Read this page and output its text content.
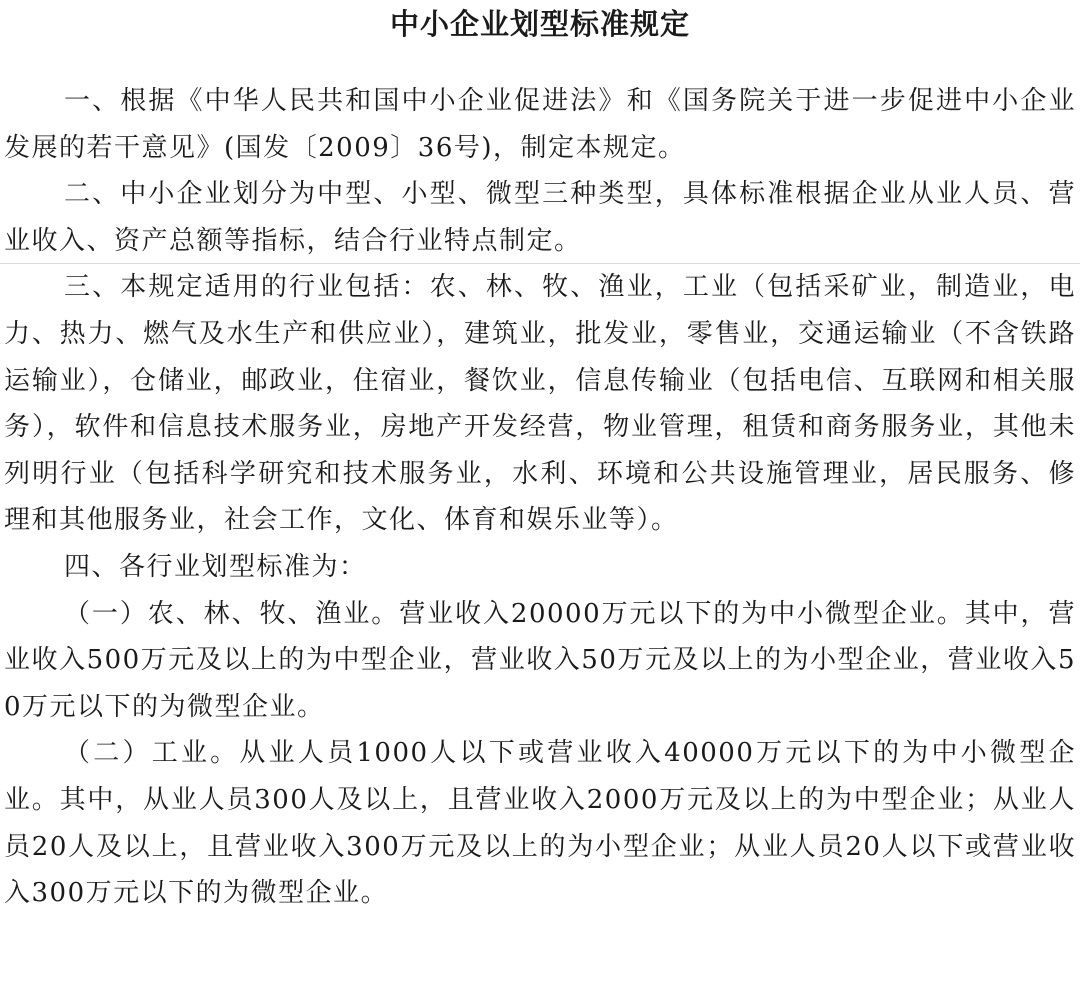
中小企业划型标准规定

一、根据《中华人民共和国中小企业促进法》和《国务院关于进一步促进中小企业发展的若干意见》(国发〔2009〕36号)，制定本规定。

二、中小企业划分为中型、小型、微型三种类型，具体标准根据企业从业人员、营业收入、资产总额等指标，结合行业特点制定。

三、本规定适用的行业包括：农、林、牧、渔业，工业（包括采矿业，制造业，电力、热力、燃气及水生产和供应业），建筑业，批发业，零售业，交通运输业（不含铁路运输业），仓储业，邮政业，住宿业，餐饮业，信息传输业（包括电信、互联网和相关服务），软件和信息技术服务业，房地产开发经营，物业管理，租赁和商务服务业，其他未列明行业（包括科学研究和技术服务业，水利、环境和公共设施管理业，居民服务、修理和其他服务业，社会工作，文化、体育和娱乐业等）。

四、各行业划型标准为：

（一）农、林、牧、渔业。营业收入20000万元以下的为中小微型企业。其中，营业收入500万元及以上的为中型企业，营业收入50万元及以上的为小型企业，营业收入50万元以下的为微型企业。

（二）工业。从业人员1000人以下或营业收入40000万元以下的为中小微型企业。其中，从业人员300人及以上，且营业收入2000万元及以上的为中型企业；从业人员20人及以上，且营业收入300万元及以上的为小型企业；从业人员20人以下或营业收入300万元以下的为微型企业。
